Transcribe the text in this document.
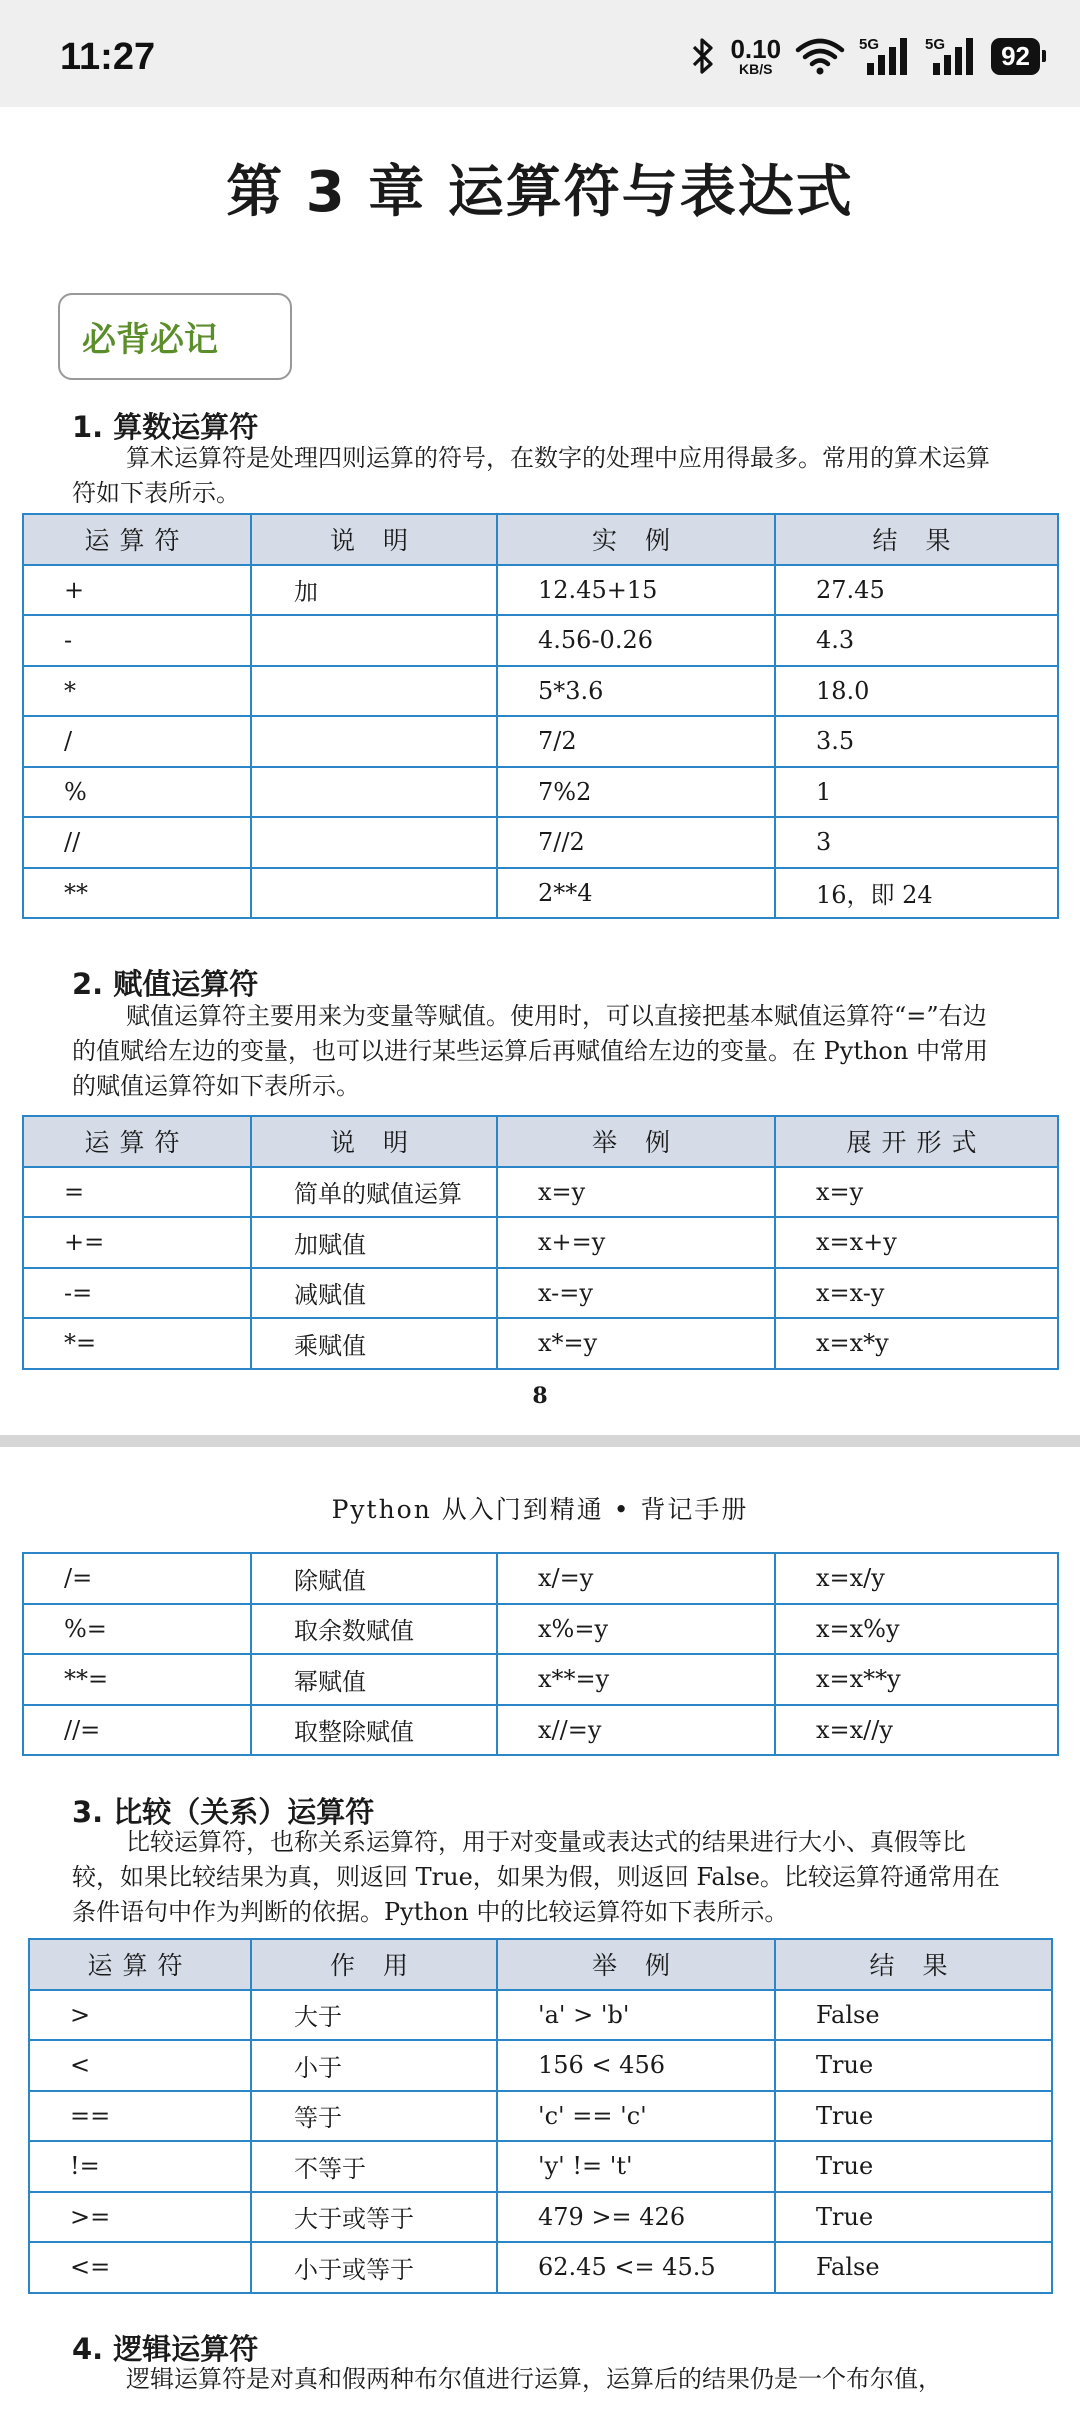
11:27	0.10
KB/S
5G	5G	92
第 3 章 运算符与表达式
必背必记
1. 算数运算符
算术运算符是处理四则运算的符号，在数字的处理中应用得最多。常用的算术运算符如下表所示。
运算符	说 明	实 例	结 果
+	加	12.45+15	27.45
-		4.56-0.26	4.3
*		5*3.6	18.0
/		7/2	3.5
%		7%2	1
//		7//2	3
**		2**4	16，即 24
2. 赋值运算符
赋值运算符主要用来为变量等赋值。使用时，可以直接把基本赋值运算符“=”右边的值赋给左边的变量，也可以进行某些运算后再赋值给左边的变量。在 Python 中常用的赋值运算符如下表所示。
运算符	说 明	举 例	展开形式
=	简单的赋值运算	x=y	x=y
+=	加赋值	x+=y	x=x+y
-=	减赋值	x-=y	x=x-y
*=	乘赋值	x*=y	x=x*y
8
Python 从入门到精通 • 背记手册
/=	除赋值	x/=y	x=x/y
%=	取余数赋值	x%=y	x=x%y
**=	幂赋值	x**=y	x=x**y
//=	取整除赋值	x//=y	x=x//y
3. 比较（关系）运算符
比较运算符，也称关系运算符，用于对变量或表达式的结果进行大小、真假等比较，如果比较结果为真，则返回 True，如果为假，则返回 False。比较运算符通常用在条件语句中作为判断的依据。Python 中的比较运算符如下表所示。
运算符	作 用	举 例	结 果
>	大于	'a' > 'b'	False
<	小于	156 < 456	True
==	等于	'c' == 'c'	True
!=	不等于	'y' != 't'	True
>=	大于或等于	479 >= 426	True
<=	小于或等于	62.45 <= 45.5	False
4. 逻辑运算符
逻辑运算符是对真和假两种布尔值进行运算，运算后的结果仍是一个布尔值，
